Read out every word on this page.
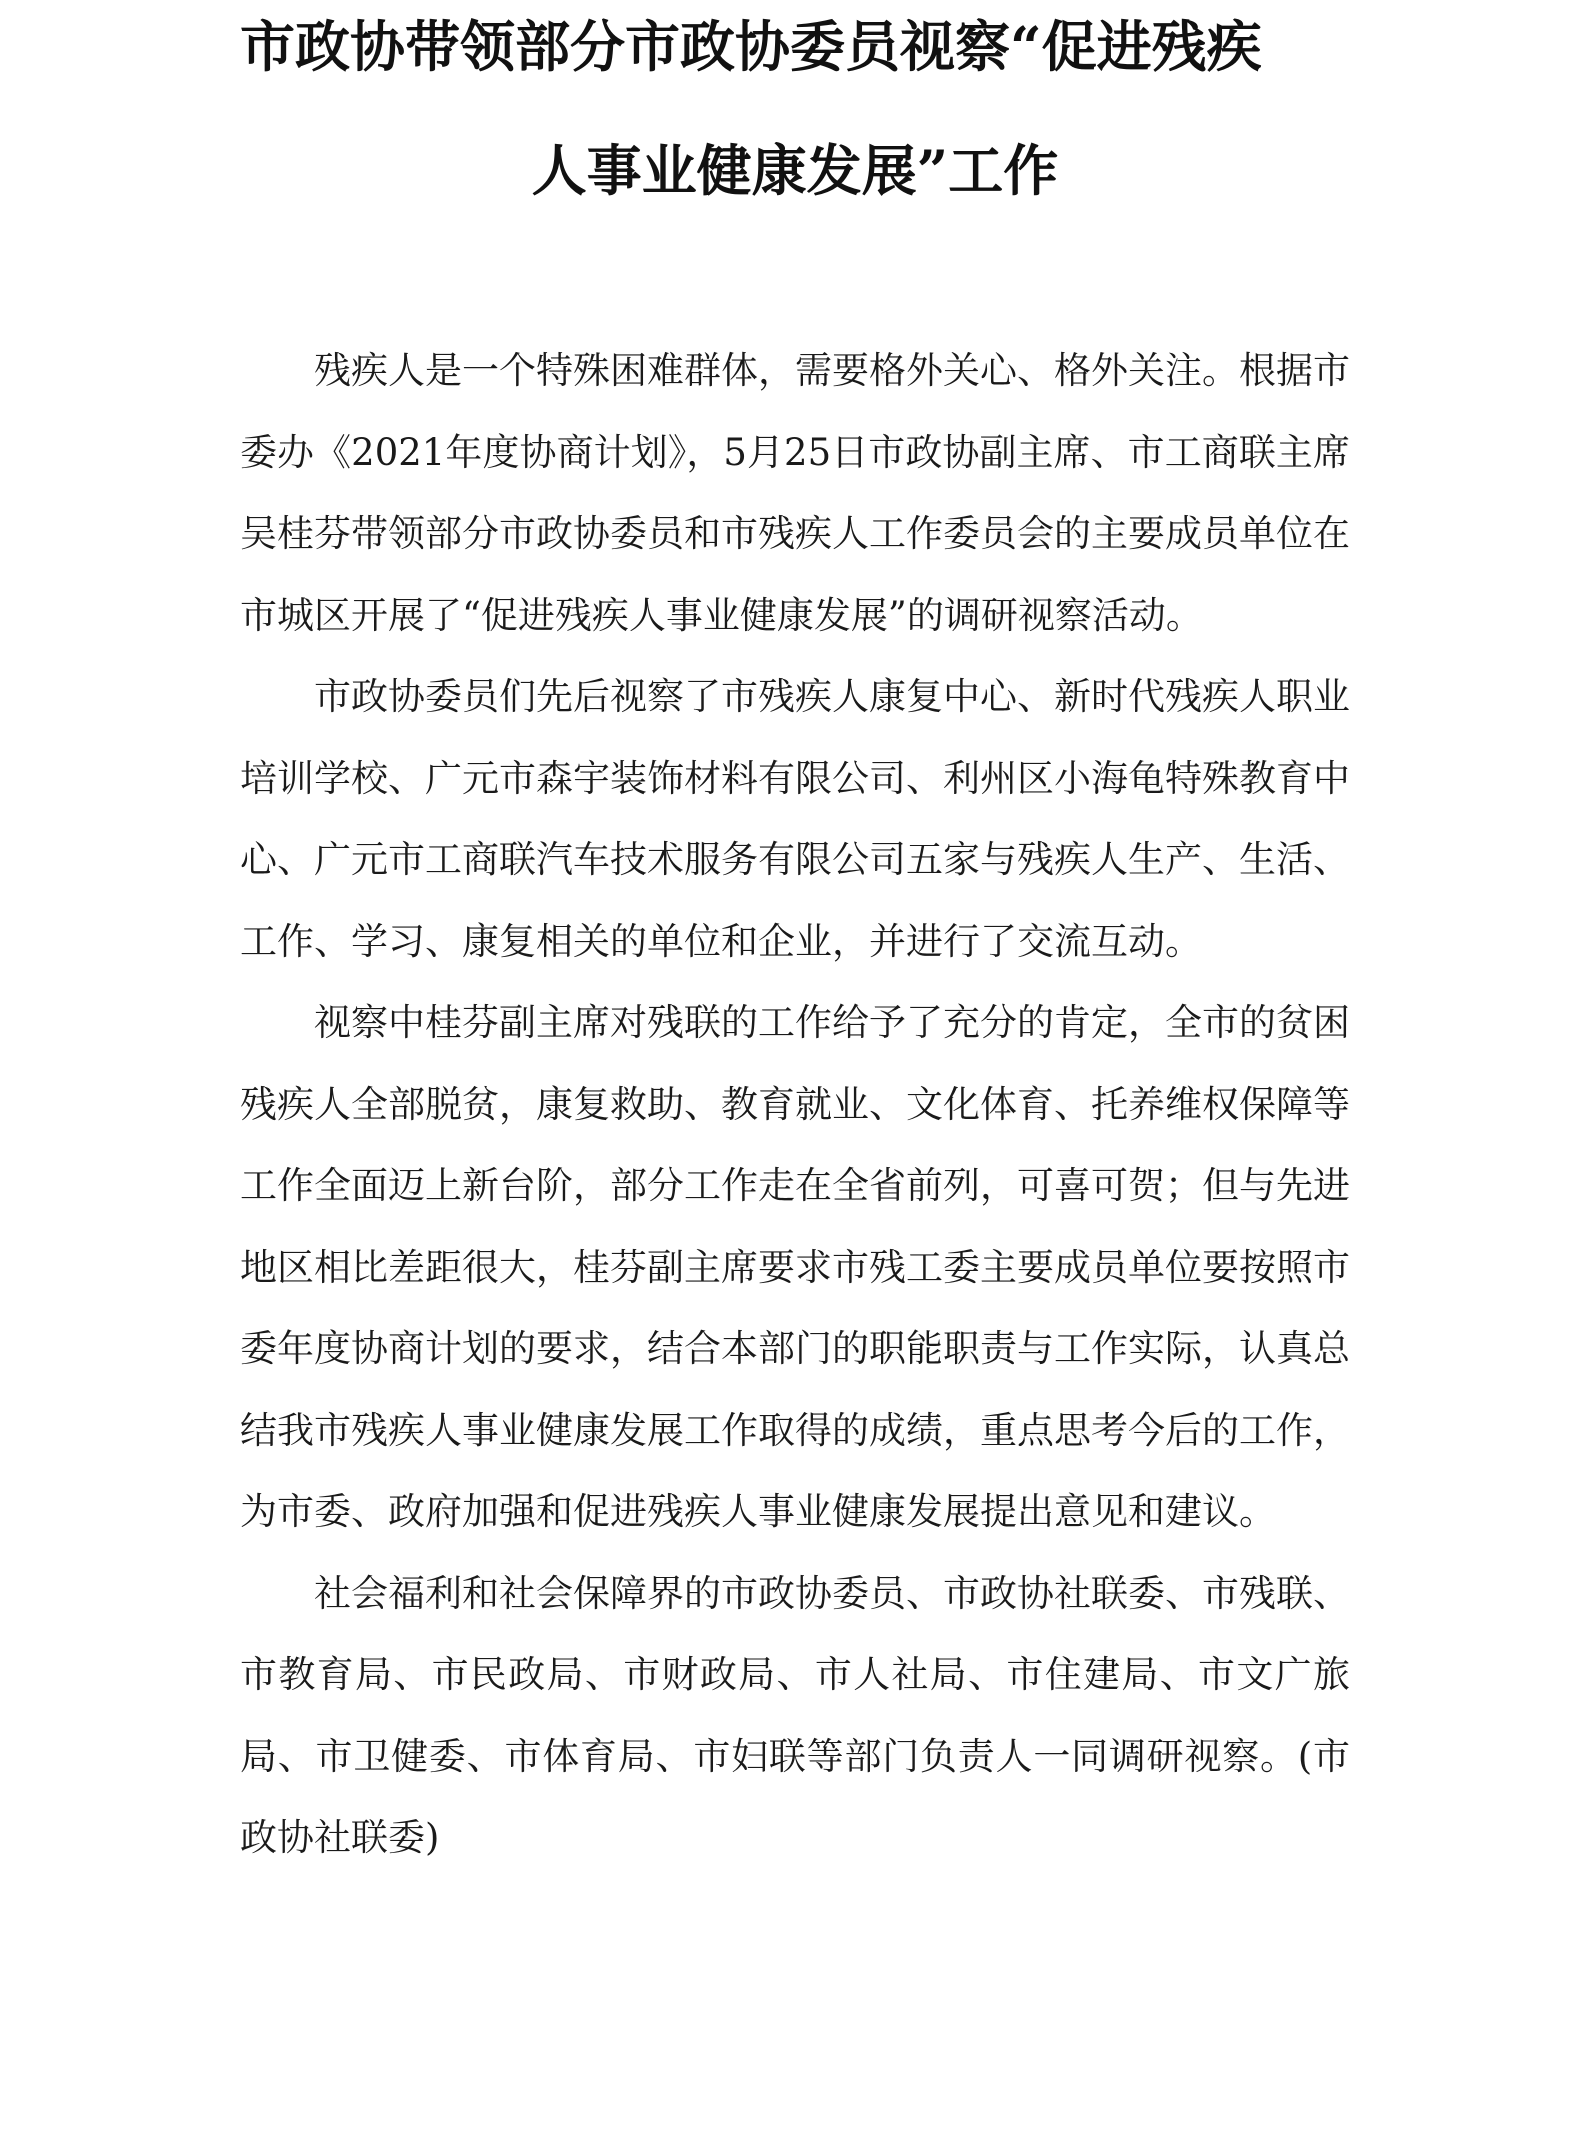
市政协带领部分市政协委员视察“促进残疾
人事业健康发展”工作

残疾人是一个特殊困难群体，需要格外关心、格外关注。根据市委办《2021年度协商计划》，5月25日市政协副主席、市工商联主席吴桂芬带领部分市政协委员和市残疾人工作委员会的主要成员单位在市城区开展了“促进残疾人事业健康发展”的调研视察活动。

市政协委员们先后视察了市残疾人康复中心、新时代残疾人职业培训学校、广元市森宇装饰材料有限公司、利州区小海龟特殊教育中心、广元市工商联汽车技术服务有限公司五家与残疾人生产、生活、工作、学习、康复相关的单位和企业，并进行了交流互动。

视察中桂芬副主席对残联的工作给予了充分的肯定，全市的贫困残疾人全部脱贫，康复救助、教育就业、文化体育、托养维权保障等工作全面迈上新台阶，部分工作走在全省前列，可喜可贺；但与先进地区相比差距很大，桂芬副主席要求市残工委主要成员单位要按照市委年度协商计划的要求，结合本部门的职能职责与工作实际，认真总结我市残疾人事业健康发展工作取得的成绩，重点思考今后的工作，为市委、政府加强和促进残疾人事业健康发展提出意见和建议。

社会福利和社会保障界的市政协委员、市政协社联委、市残联、市教育局、市民政局、市财政局、市人社局、市住建局、市文广旅局、市卫健委、市体育局、市妇联等部门负责人一同调研视察。(市政协社联委)
